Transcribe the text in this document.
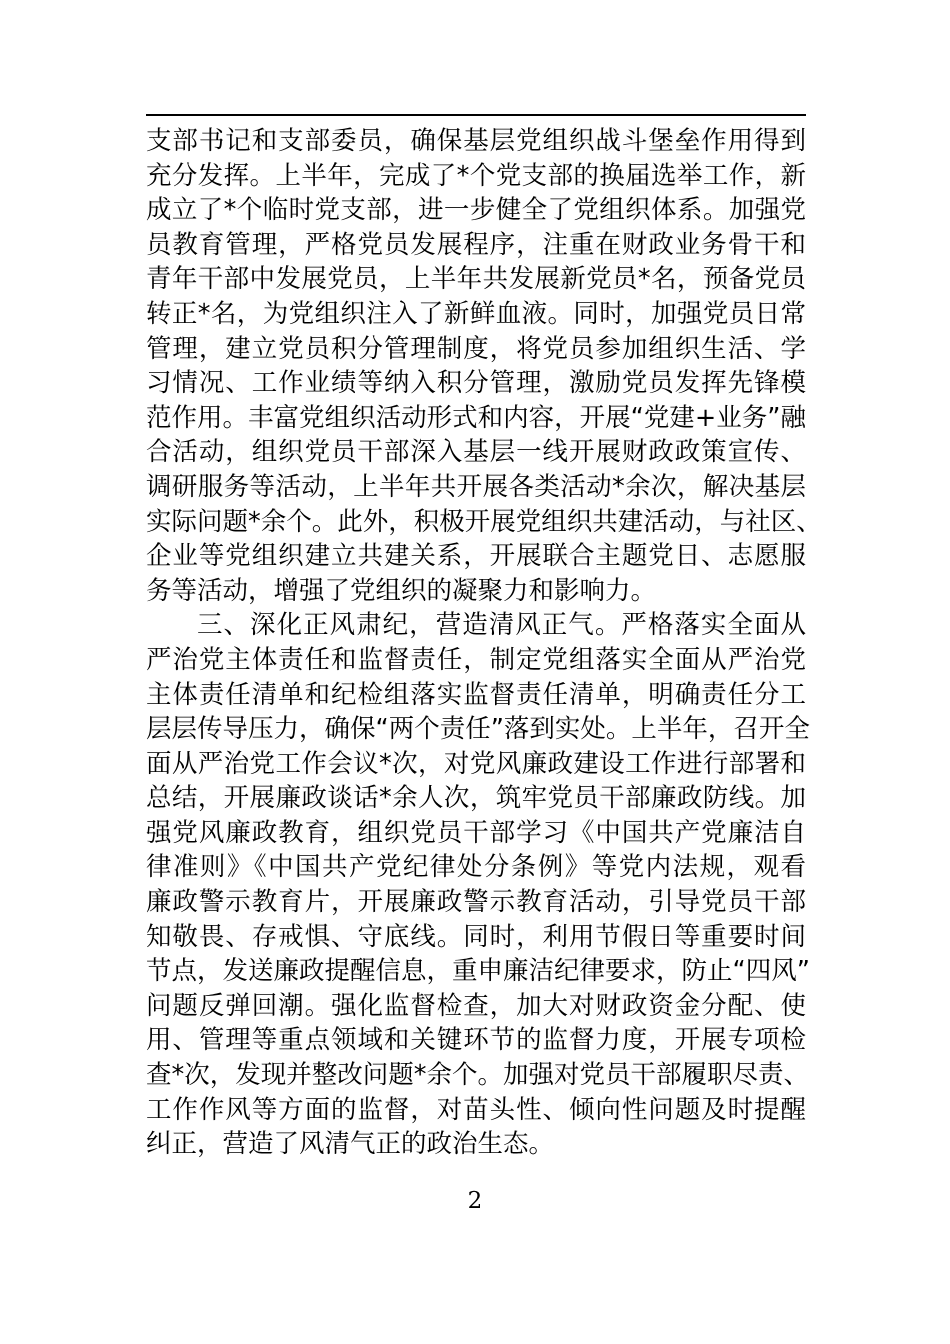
支部书记和支部委员，确保基层党组织战斗堡垒作用得到
充分发挥。上半年，完成了*个党支部的换届选举工作，新
成立了*个临时党支部，进一步健全了党组织体系。加强党
员教育管理，严格党员发展程序，注重在财政业务骨干和
青年干部中发展党员，上半年共发展新党员*名，预备党员
转正*名，为党组织注入了新鲜血液。同时，加强党员日常
管理，建立党员积分管理制度，将党员参加组织生活、学
习情况、工作业绩等纳入积分管理，激励党员发挥先锋模
范作用。丰富党组织活动形式和内容，开展“党建+业务”融
合活动，组织党员干部深入基层一线开展财政政策宣传、
调研服务等活动，上半年共开展各类活动*余次，解决基层
实际问题*余个。此外，积极开展党组织共建活动，与社区、
企业等党组织建立共建关系，开展联合主题党日、志愿服
务等活动，增强了党组织的凝聚力和影响力。
三、深化正风肃纪，营造清风正气。严格落实全面从
严治党主体责任和监督责任，制定党组落实全面从严治党
主体责任清单和纪检组落实监督责任清单，明确责任分工
层层传导压力，确保“两个责任”落到实处。上半年，召开全
面从严治党工作会议*次，对党风廉政建设工作进行部署和
总结，开展廉政谈话*余人次，筑牢党员干部廉政防线。加
强党风廉政教育，组织党员干部学习《中国共产党廉洁自
律准则》《中国共产党纪律处分条例》等党内法规，观看
廉政警示教育片，开展廉政警示教育活动，引导党员干部
知敬畏、存戒惧、守底线。同时，利用节假日等重要时间
节点，发送廉政提醒信息，重申廉洁纪律要求，防止“四风”
问题反弹回潮。强化监督检查，加大对财政资金分配、使
用、管理等重点领域和关键环节的监督力度，开展专项检
查*次，发现并整改问题*余个。加强对党员干部履职尽责、
工作作风等方面的监督，对苗头性、倾向性问题及时提醒
纠正，营造了风清气正的政治生态。
2
